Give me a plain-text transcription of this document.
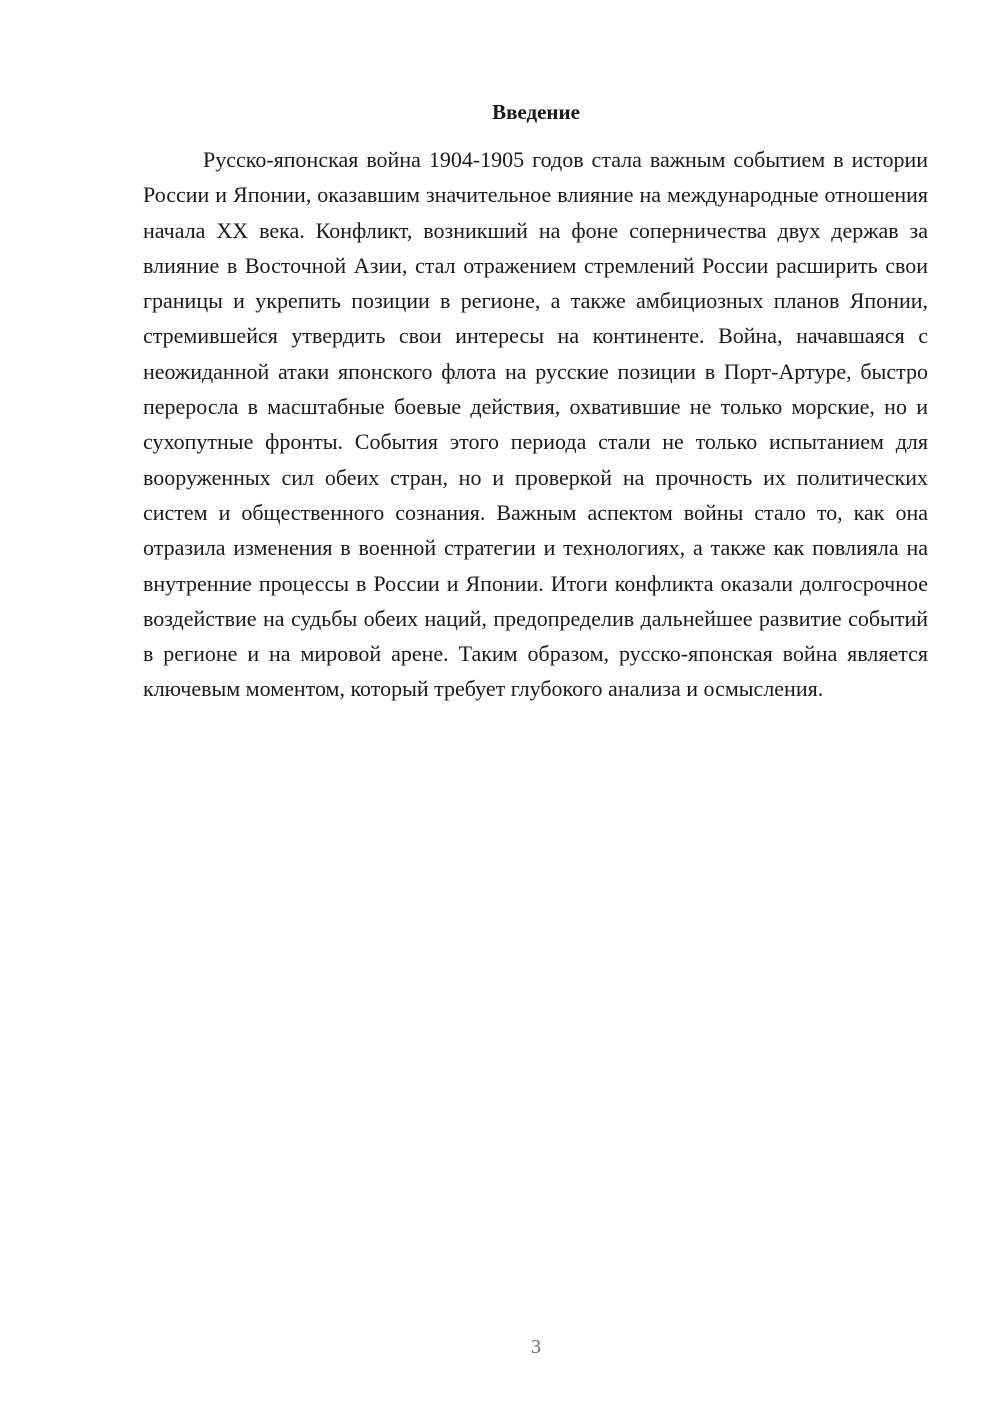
Введение

Русско-японская война 1904-1905 годов стала важным событием в истории России и Японии, оказавшим значительное влияние на международные отношения начала XX века. Конфликт, возникший на фоне соперничества двух держав за влияние в Восточной Азии, стал отражением стремлений России расширить свои границы и укрепить позиции в регионе, а также амбициозных планов Японии, стремившейся утвердить свои интересы на континенте. Война, начавшаяся с неожиданной атаки японского флота на русские позиции в Порт-Артуре, быстро переросла в масштабные боевые действия, охватившие не только морские, но и сухопутные фронты. События этого периода стали не только испытанием для вооруженных сил обеих стран, но и проверкой на прочность их политических систем и общественного сознания. Важным аспектом войны стало то, как она отразила изменения в военной стратегии и технологиях, а также как повлияла на внутренние процессы в России и Японии. Итоги конфликта оказали долгосрочное воздействие на судьбы обеих наций, предопределив дальнейшее развитие событий в регионе и на мировой арене. Таким образом, русско-японская война является ключевым моментом, который требует глубокого анализа и осмысления.

3
